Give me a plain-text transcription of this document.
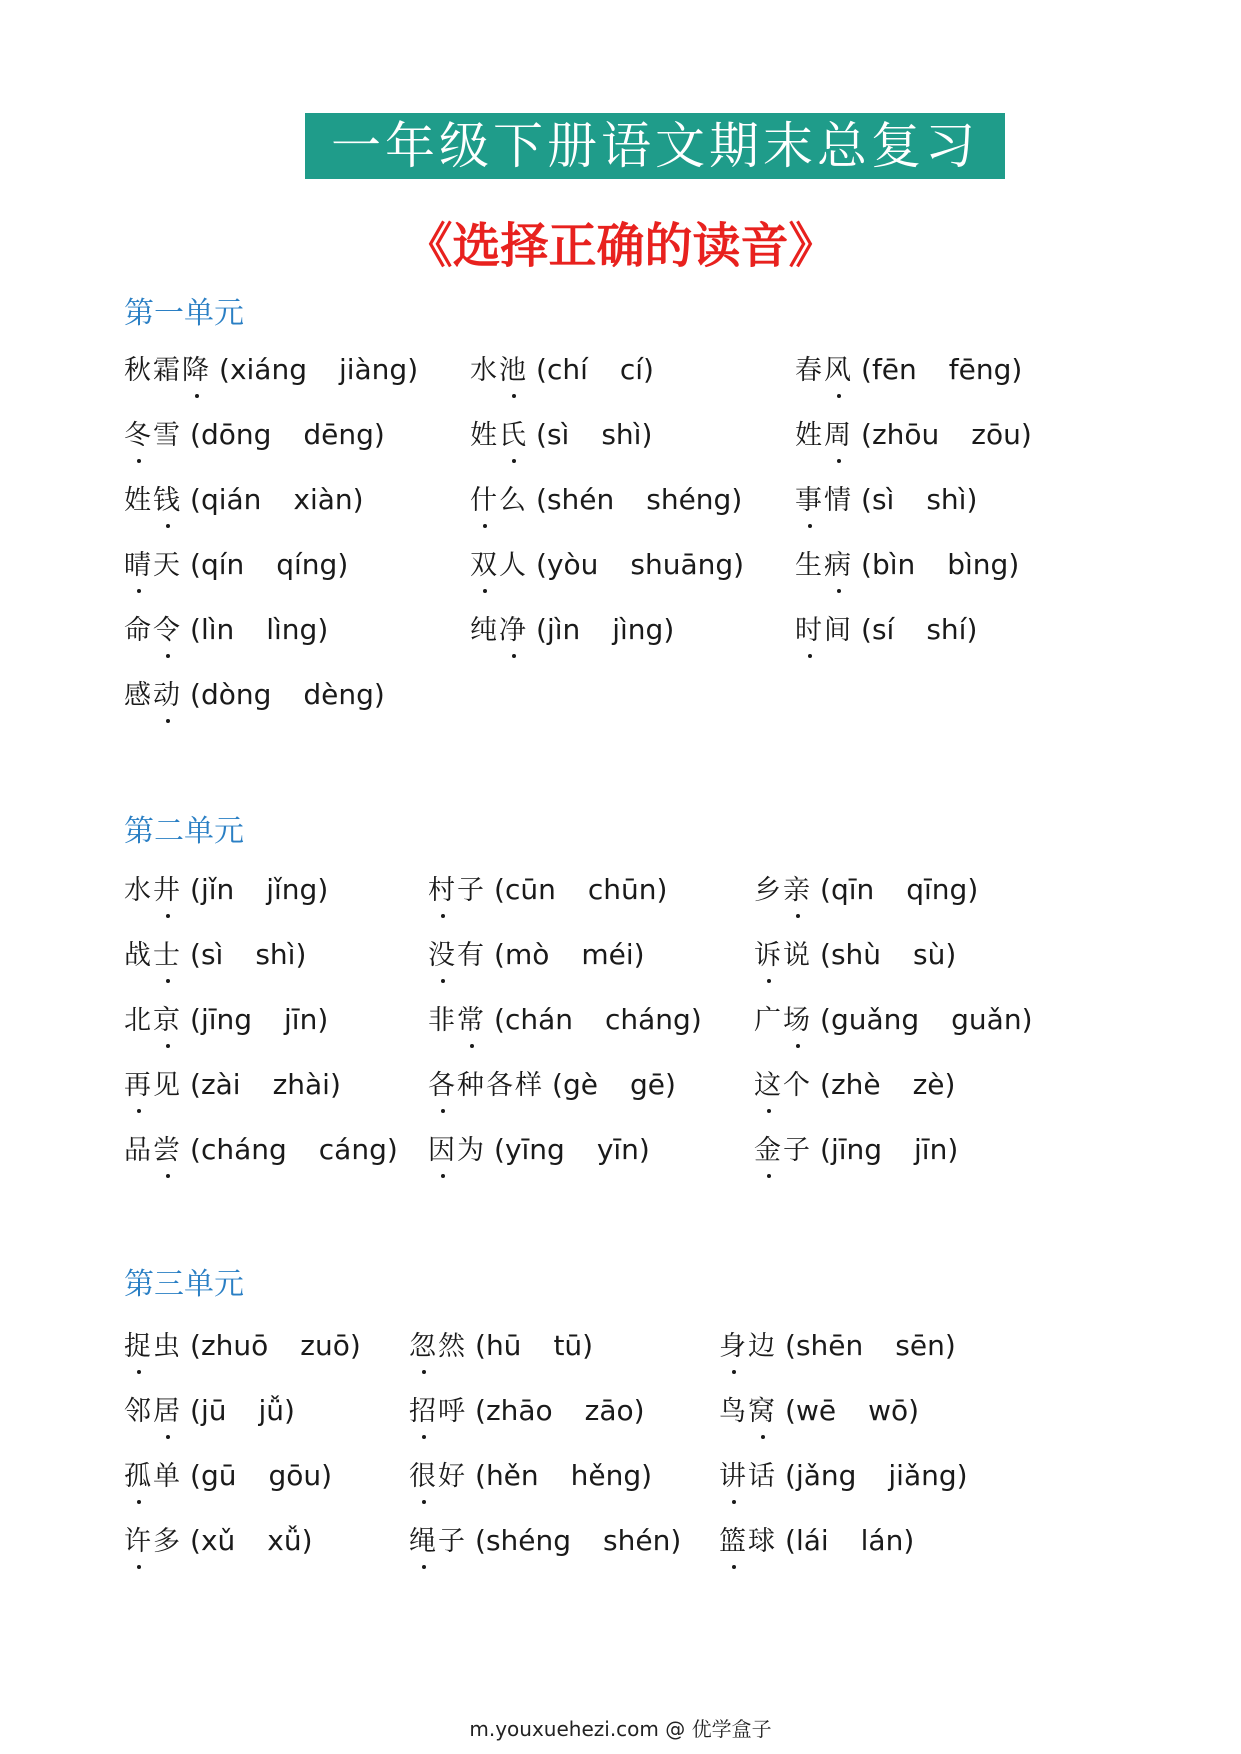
一年级下册语文期末总复习
《选择正确的读音》
第一单元
第二单元
第三单元
秋霜降 (xiáng jiàng) 水池 (chí cí)	春风 (fēn fēng)
冬雪 (dōng dēng)	姓氏 (sì shì)	姓周 (zhōu zōu)
姓钱 (qián xiàn)	什么 (shén shéng) 事情 (sì shì)
晴天 (qín qíng)	双人 (yòu shuāng) 生病 (bìn bìng)
命令 (lìn lìng)	纯净 (jìn jìng)	时间 (sí shí)
感动 (dòng dèng)
水井 (jǐn jǐng)	村子 (cūn chūn)	乡亲 (qīn qīng)
战士 (sì shì)	没有 (mò méi)	诉说 (shù sù)
北京 (jīng jīn)	非常 (chán cháng) 广场 (guǎng guǎn)
再见 (zài zhài)	各种各样 (gè gē)	这个 (zhè zè)
品尝 (cháng cáng) 因为 (yīng yīn)	金子 (jīng jīn)
捉虫 (zhuō zuō) 忽然 (hū tū)	身边 (shēn sēn)
邻居 (jū jǚ)	招呼 (zhāo zāo)	鸟窝 (wē wō)
孤单 (gū gōu)	很好 (hěn hěng) 讲话 (jǎng jiǎng)
许多 (xǔ xǚ)	绳子 (shéng shén) 篮球 (lái lán)
m.youxuehezi.com @ 优学盒子
